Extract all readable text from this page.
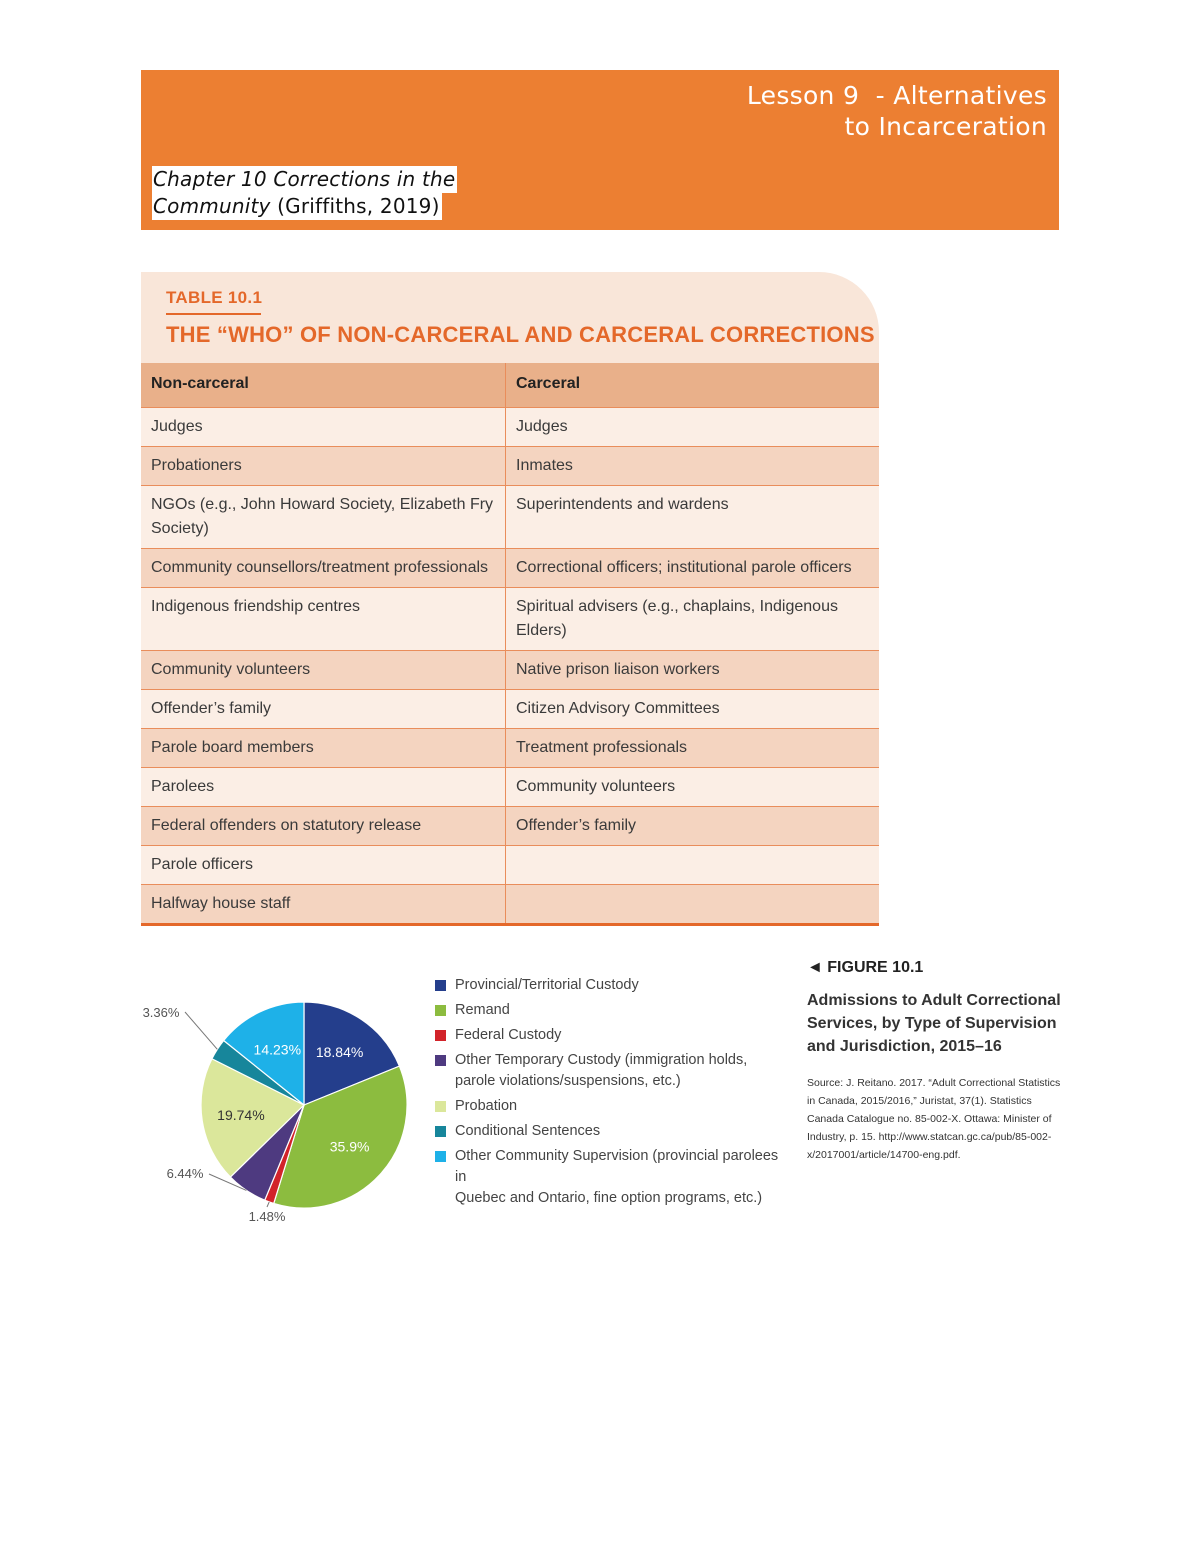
Lesson 9  - Alternatives
to Incarceration
Chapter 10 Corrections in the
Community (Griffiths, 2019)
TABLE 10.1
THE “WHO” OF NON-CARCERAL AND CARCERAL CORRECTIONS
Non-carceral	Carceral
Judges	Judges
Probationers	Inmates
NGOs (e.g., John Howard Society, Elizabeth Fry Society)	Superintendents and wardens
Community counsellors/treatment professionals	Correctional officers; institutional parole officers
Indigenous friendship centres	Spiritual advisers (e.g., chaplains, Indigenous Elders)
Community volunteers	Native prison liaison workers
Offender’s family	Citizen Advisory Committees
Parole board members	Treatment professionals
Parolees	Community volunteers
Federal offenders on statutory release	Offender’s family
Parole officers	
Halfway house staff	
18.84%
35.9%
1.48%
6.44%
19.74%
3.36%
14.23%
Provincial/Territorial Custody
Remand
Federal Custody
Other Temporary Custody (immigration holds,
parole violations/suspensions, etc.)
Probation
Conditional Sentences
Other Community Supervision (provincial parolees in
Quebec and Ontario, fine option programs, etc.)
◄ FIGURE 10.1
Admissions to Adult Correctional Services, by Type of Supervision and Jurisdiction, 2015–16
Source: J. Reitano. 2017. “Adult Correctional Statistics in Canada, 2015/2016,” Juristat, 37(1). Statistics Canada Catalogue no. 85-002-X. Ottawa: Minister of Industry, p. 15. http://www.statcan.gc.ca/pub/85-002-x/2017001/article/14700-eng.pdf.
